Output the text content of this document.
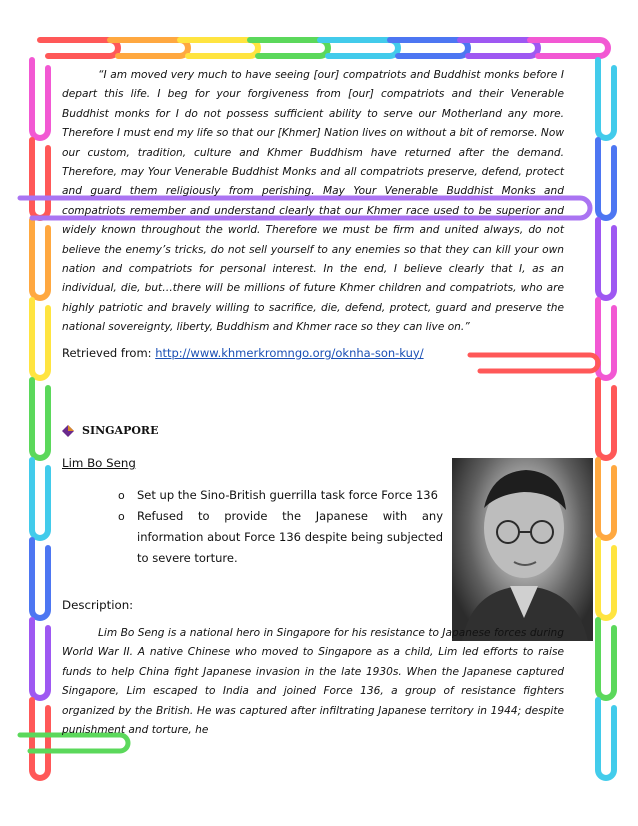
“I am moved very much to have seeing [our] compatriots and Buddhist monks before I depart this life. I beg for your forgiveness from [our] compatriots and their Venerable Buddhist monks for I do not possess sufficient ability to serve our Motherland any more. Therefore I must end my life so that our [Khmer] Nation lives on without a bit of remorse. Now our custom, tradition, culture and Khmer Buddhism have returned after the demand. Therefore, may Your Venerable Buddhist Monks and all compatriots preserve, defend, protect and guard them religiously from perishing. May Your Venerable Buddhist Monks and compatriots remember and understand clearly that our Khmer race used to be superior and widely known throughout the world. Therefore we must be firm and united always, do not believe the enemy’s tricks, do not sell yourself to any enemies so that they can kill your own nation and compatriots for personal interest. In the end, I believe clearly that I, as an individual, die, but…there will be millions of future Khmer children and compatriots, who are highly patriotic and bravely willing to sacrifice, die, defend, protect, guard and preserve the national sovereignty, liberty, Buddhism and Khmer race so they can live on.”

Retrieved from: http://www.khmerkromngo.org/oknha-son-kuy/
SINGAPORE
Lim Bo Seng
o Set up the Sino-British guerrilla task force Force 136
o Refused to provide the Japanese with any information about Force 136 despite being subjected to severe torture.
Description:

Lim Bo Seng is a national hero in Singapore for his resistance to Japanese forces during World War II. A native Chinese who moved to Singapore as a child, Lim led efforts to raise funds to help China fight Japanese invasion in the late 1930s. When the Japanese captured Singapore, Lim escaped to India and joined Force 136, a group of resistance fighters organized by the British. He was captured after infiltrating Japanese territory in 1944; despite punishment and torture, he
